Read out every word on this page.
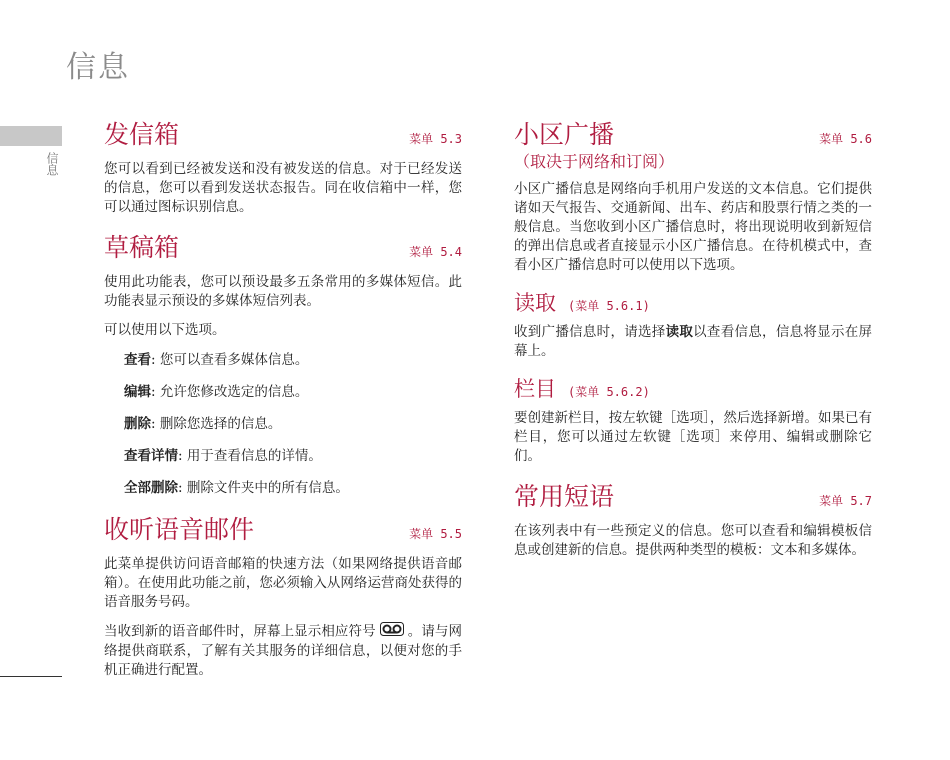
信息
信息
发信箱	菜单 5.3

您可以看到已经被发送和没有被发送的信息。对于已经发送的信息，您可以看到发送状态报告。同在收信箱中一样，您可以通过图标识别信息。

草稿箱	菜单 5.4

使用此功能表，您可以预设最多五条常用的多媒体短信。此功能表显示预设的多媒体短信列表。

可以使用以下选项。

查看: 您可以查看多媒体信息。
编辑: 允许您修改选定的信息。
删除: 删除您选择的信息。
查看详情: 用于查看信息的详情。
全部删除: 删除文件夹中的所有信息。
收听语音邮件	菜单 5.5

此菜单提供访问语音邮箱的快速方法（如果网络提供语音邮箱）。在使用此功能之前，您必须输入从网络运营商处获得的语音服务号码。

当收到新的语音邮件时，屏幕上显示相应符号 。请与网络提供商联系，了解有关其服务的详细信息，以便对您的手机正确进行配置。

小区广播	菜单 5.6
（取决于网络和订阅）

小区广播信息是网络向手机用户发送的文本信息。它们提供诸如天气报告、交通新闻、出车、药店和股票行情之类的一般信息。当您收到小区广播信息时，将出现说明收到新短信的弹出信息或者直接显示小区广播信息。在待机模式中，查看小区广播信息时可以使用以下选项。

读取 (菜单 5.6.1)

收到广播信息时，请选择读取以查看信息，信息将显示在屏幕上。

栏目 (菜单 5.6.2)

要创建新栏目，按左软键［选项］，然后选择新增。如果已有栏目，您可以通过左软键［选项］来停用、编辑或删除它们。

常用短语	菜单 5.7

在该列表中有一些预定义的信息。您可以查看和编辑模板信息或创建新的信息。提供两种类型的模板：文本和多媒体。
